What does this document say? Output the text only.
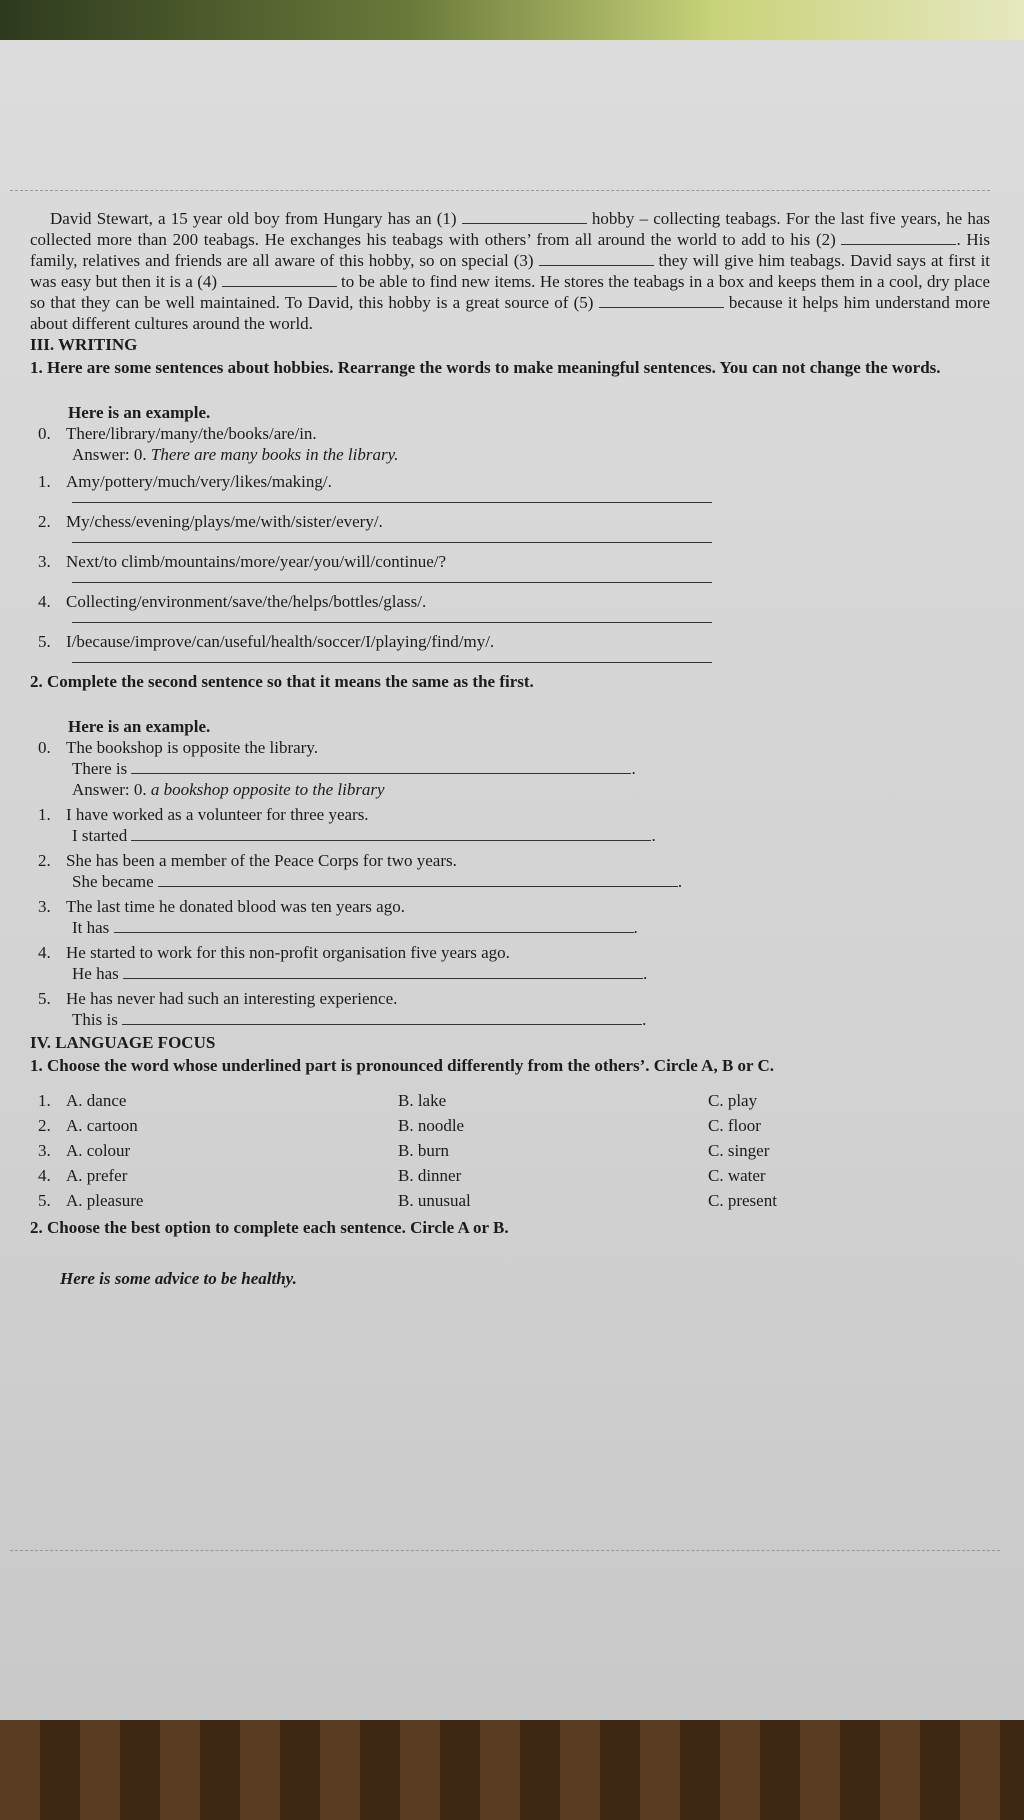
David Stewart, a 15 year old boy from Hungary has an (1)	hobby – collecting teabags. For the last five years, he has collected more than 200 teabags. He exchanges his teabags with others’ from all around the world to add to his (2)	. His family, relatives and friends are all aware of this hobby, so on special (3)	they will give him teabags. David says at first it was easy but then it is a (4)	to be able to find new items. He stores the teabags in a box and keeps them in a cool, dry place so that they can be well maintained. To David, this hobby is a great source of (5)	because it helps him understand more about different cultures around the world.

III. WRITING

1. Here are some sentences about hobbies. Rearrange the words to make meaningful sentences. You can not change the words.

Here is an example.

0. There/library/many/the/books/are/in.
Answer: 0. There are many books in the library.
1. Amy/pottery/much/very/likes/making/.
2. My/chess/evening/plays/me/with/sister/every/.
3. Next/to climb/mountains/more/year/you/will/continue/?
4. Collecting/environment/save/the/helps/bottles/glass/.
5. I/because/improve/can/useful/health/soccer/I/playing/find/my/.

2. Complete the second sentence so that it means the same as the first.

Here is an example.

0. The bookshop is opposite the library.
There is	.
Answer: 0. a bookshop opposite to the library
1. I have worked as a volunteer for three years.
I started	.
2. She has been a member of the Peace Corps for two years.
She became	.
3. The last time he donated blood was ten years ago.
It has	.
4. He started to work for this non-profit organisation five years ago.
He has	.
5. He has never had such an interesting experience.
This is	.

IV. LANGUAGE FOCUS

1. Choose the word whose underlined part is pronounced differently from the others’. Circle A, B or C.

1. A. dance	B. lake	C. play
2. A. cartoon	B. noodle	C. floor
3. A. colour	B. burn	C. singer
4. A. prefer	B. dinner	C. water
5. A. pleasure	B. unusual	C. present

2. Choose the best option to complete each sentence. Circle A or B.

Here is some advice to be healthy.
